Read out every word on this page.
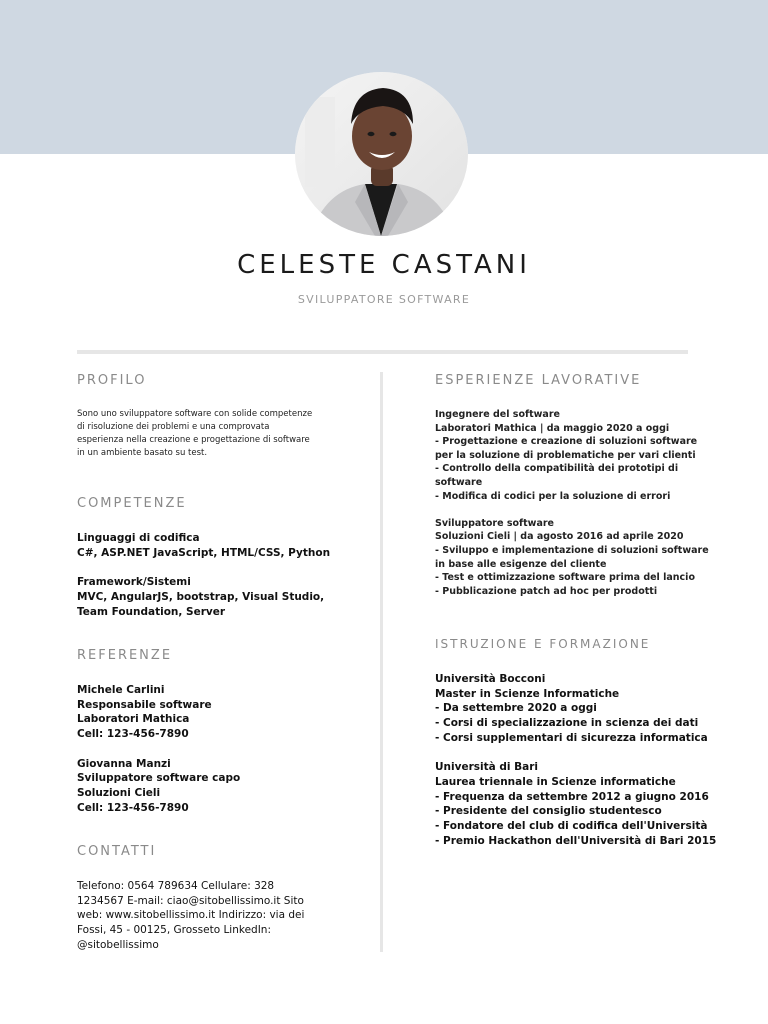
CELESTE CASTANI
SVILUPPATORE SOFTWARE
PROFILO
Sono uno sviluppatore software con solide competenze
di risoluzione dei problemi e una comprovata
esperienza nella creazione e progettazione di software
in un ambiente basato su test.
COMPETENZE
Linguaggi di codifica
C#, ASP.NET JavaScript, HTML/CSS, Python

Framework/Sistemi
MVC, AngularJS, bootstrap, Visual Studio,
Team Foundation, Server
REFERENZE
Michele Carlini
Responsabile software
Laboratori Mathica
Cell: 123-456-7890

Giovanna Manzi
Sviluppatore software capo
Soluzioni Cieli
Cell: 123-456-7890
CONTATTI
Telefono: 0564 789634 Cellulare: 328
1234567 E-mail: ciao@sitobellissimo.it Sito
web: www.sitobellissimo.it Indirizzo: via dei
Fossi, 45 - 00125, Grosseto LinkedIn:
@sitobellissimo
ESPERIENZE LAVORATIVE
Ingegnere del software
Laboratori Mathica | da maggio 2020 a oggi
- Progettazione e creazione di soluzioni software
per la soluzione di problematiche per vari clienti
- Controllo della compatibilità dei prototipi di
software
- Modifica di codici per la soluzione di errori

Sviluppatore software
Soluzioni Cieli | da agosto 2016 ad aprile 2020
- Sviluppo e implementazione di soluzioni software
in base alle esigenze del cliente
- Test e ottimizzazione software prima del lancio
- Pubblicazione patch ad hoc per prodotti
ISTRUZIONE E FORMAZIONE
Università Bocconi
Master in Scienze Informatiche
- Da settembre 2020 a oggi
- Corsi di specializzazione in scienza dei dati
- Corsi supplementari di sicurezza informatica

Università di Bari
Laurea triennale in Scienze informatiche
- Frequenza da settembre 2012 a giugno 2016
- Presidente del consiglio studentesco
- Fondatore del club di codifica dell'Università
- Premio Hackathon dell'Università di Bari 2015
